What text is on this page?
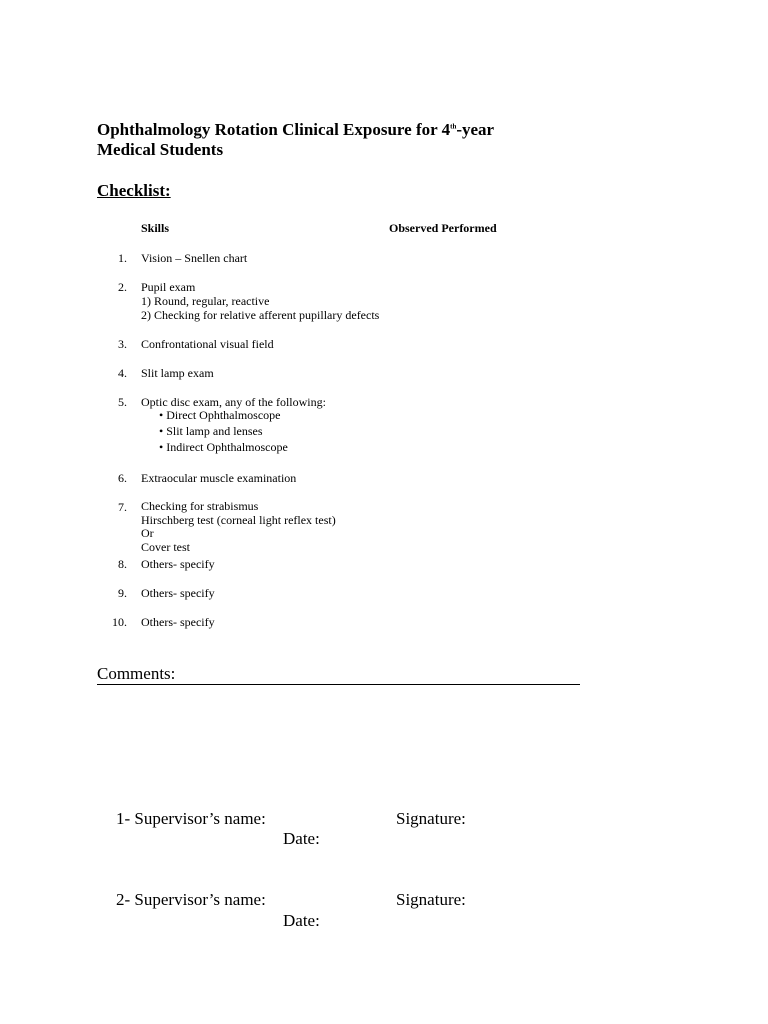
Ophthalmology Rotation Clinical Exposure for 4th-year
Medical Students
Checklist:
Skills	Observed Performed
1. Vision – Snellen chart
2. Pupil exam
1) Round, regular, reactive
2) Checking for relative afferent pupillary defects
3. Confrontational visual field
4. Slit lamp exam
5. Optic disc exam, any of the following:
• Direct Ophthalmoscope
• Slit lamp and lenses
• Indirect Ophthalmoscope
6. Extraocular muscle examination
7. Checking for strabismus
Hirschberg test (corneal light reflex test)
Or
Cover test
8. Others- specify
9. Others- specify
10. Others- specify
Comments:
1- Supervisor’s name:	Signature:
Date:
2- Supervisor’s name:	Signature:
Date:
